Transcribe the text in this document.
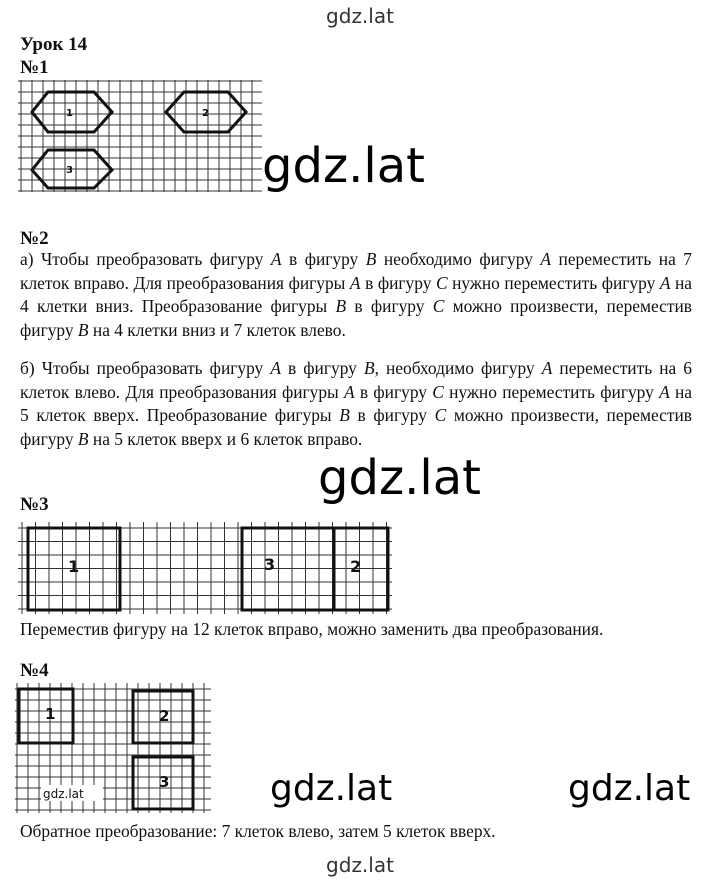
gdz.lat
gdz.lat
gdz.lat
gdz.lat	gdz.lat
gdz.lat
Урок 14
№1
1	2
3
№2
а) Чтобы преобразовать фигуру A в фигуру B необходимо фигуру A переместить на 7 клеток вправо. Для преобразования фигуры A в фигуру C нужно переместить фигуру A на 4 клетки вниз. Преобразование фигуры B в фигуру C можно произвести, переместив фигуру B на 4 клетки вниз и 7 клеток влево.
б) Чтобы преобразовать фигуру A в фигуру B, необходимо фигуру A переместить на 6 клеток влево. Для преобразования фигуры A в фигуру C нужно переместить фигуру A на 5 клеток вверх. Преобразование фигуры B в фигуру C можно произвести, переместив фигуру B на 5 клеток вверх и 6 клеток вправо.
№3
1	3	2
Переместив фигуру на 12 клеток вправо, можно заменить два преобразования.
№4
1	2
3
gdz.lat
Обратное преобразование: 7 клеток влево, затем 5 клеток вверх.
